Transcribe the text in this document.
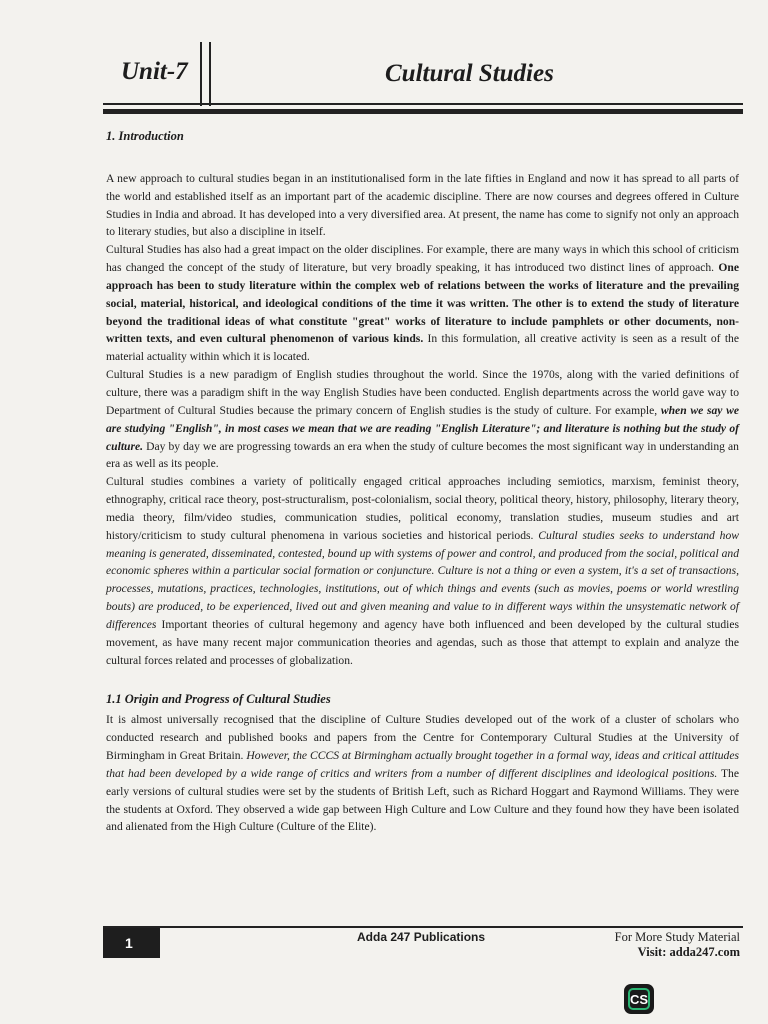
Unit-7	Cultural Studies

1. Introduction

A new approach to cultural studies began in an institutionalised form in the late fifties in England and now it has spread to all parts of the world and established itself as an important part of the academic discipline. There are now courses and degrees offered in Culture Studies in India and abroad. It has developed into a very diversified area. At present, the name has come to signify not only an approach to literary studies, but also a discipline in itself.

Cultural Studies has also had a great impact on the older disciplines. For example, there are many ways in which this school of criticism has changed the concept of the study of literature, but very broadly speaking, it has introduced two distinct lines of approach. One approach has been to study literature within the complex web of relations between the works of literature and the prevailing social, material, historical, and ideological conditions of the time it was written. The other is to extend the study of literature beyond the traditional ideas of what constitute "great" works of literature to include pamphlets or other documents, non-written texts, and even cultural phenomenon of various kinds. In this formulation, all creative activity is seen as a result of the material actuality within which it is located.

Cultural Studies is a new paradigm of English studies throughout the world. Since the 1970s, along with the varied definitions of culture, there was a paradigm shift in the way English Studies have been conducted. English departments across the world gave way to Department of Cultural Studies because the primary concern of English studies is the study of culture. For example, when we say we are studying "English", in most cases we mean that we are reading "English Literature"; and literature is nothing but the study of culture. Day by day we are progressing towards an era when the study of culture becomes the most significant way in understanding an era as well as its people.

Cultural studies combines a variety of politically engaged critical approaches including semiotics, marxism, feminist theory, ethnography, critical race theory, post-structuralism, post-colonialism, social theory, political theory, history, philosophy, literary theory, media theory, film/video studies, communication studies, political economy, translation studies, museum studies and art history/criticism to study cultural phenomena in various societies and historical periods. Cultural studies seeks to understand how meaning is generated, disseminated, contested, bound up with systems of power and control, and produced from the social, political and economic spheres within a particular social formation or conjuncture. Culture is not a thing or even a system, it's a set of transactions, processes, mutations, practices, technologies, institutions, out of which things and events (such as movies, poems or world wrestling bouts) are produced, to be experienced, lived out and given meaning and value to in different ways within the unsystematic network of differences Important theories of cultural hegemony and agency have both influenced and been developed by the cultural studies movement, as have many recent major communication theories and agendas, such as those that attempt to explain and analyze the cultural forces related and processes of globalization.

1.1 Origin and Progress of Cultural Studies

It is almost universally recognised that the discipline of Culture Studies developed out of the work of a cluster of scholars who conducted research and published books and papers from the Centre for Contemporary Cultural Studies at the University of Birmingham in Great Britain. However, the CCCS at Birmingham actually brought together in a formal way, ideas and critical attitudes that had been developed by a wide range of critics and writers from a number of different disciplines and ideological positions. The early versions of cultural studies were set by the students of British Left, such as Richard Hoggart and Raymond Williams. They were the students at Oxford. They observed a wide gap between High Culture and Low Culture and they found how they have been isolated and alienated from the High Culture (Culture of the Elite).

1	Adda 247 Publications	For More Study Material
Visit: adda247.com
CS
